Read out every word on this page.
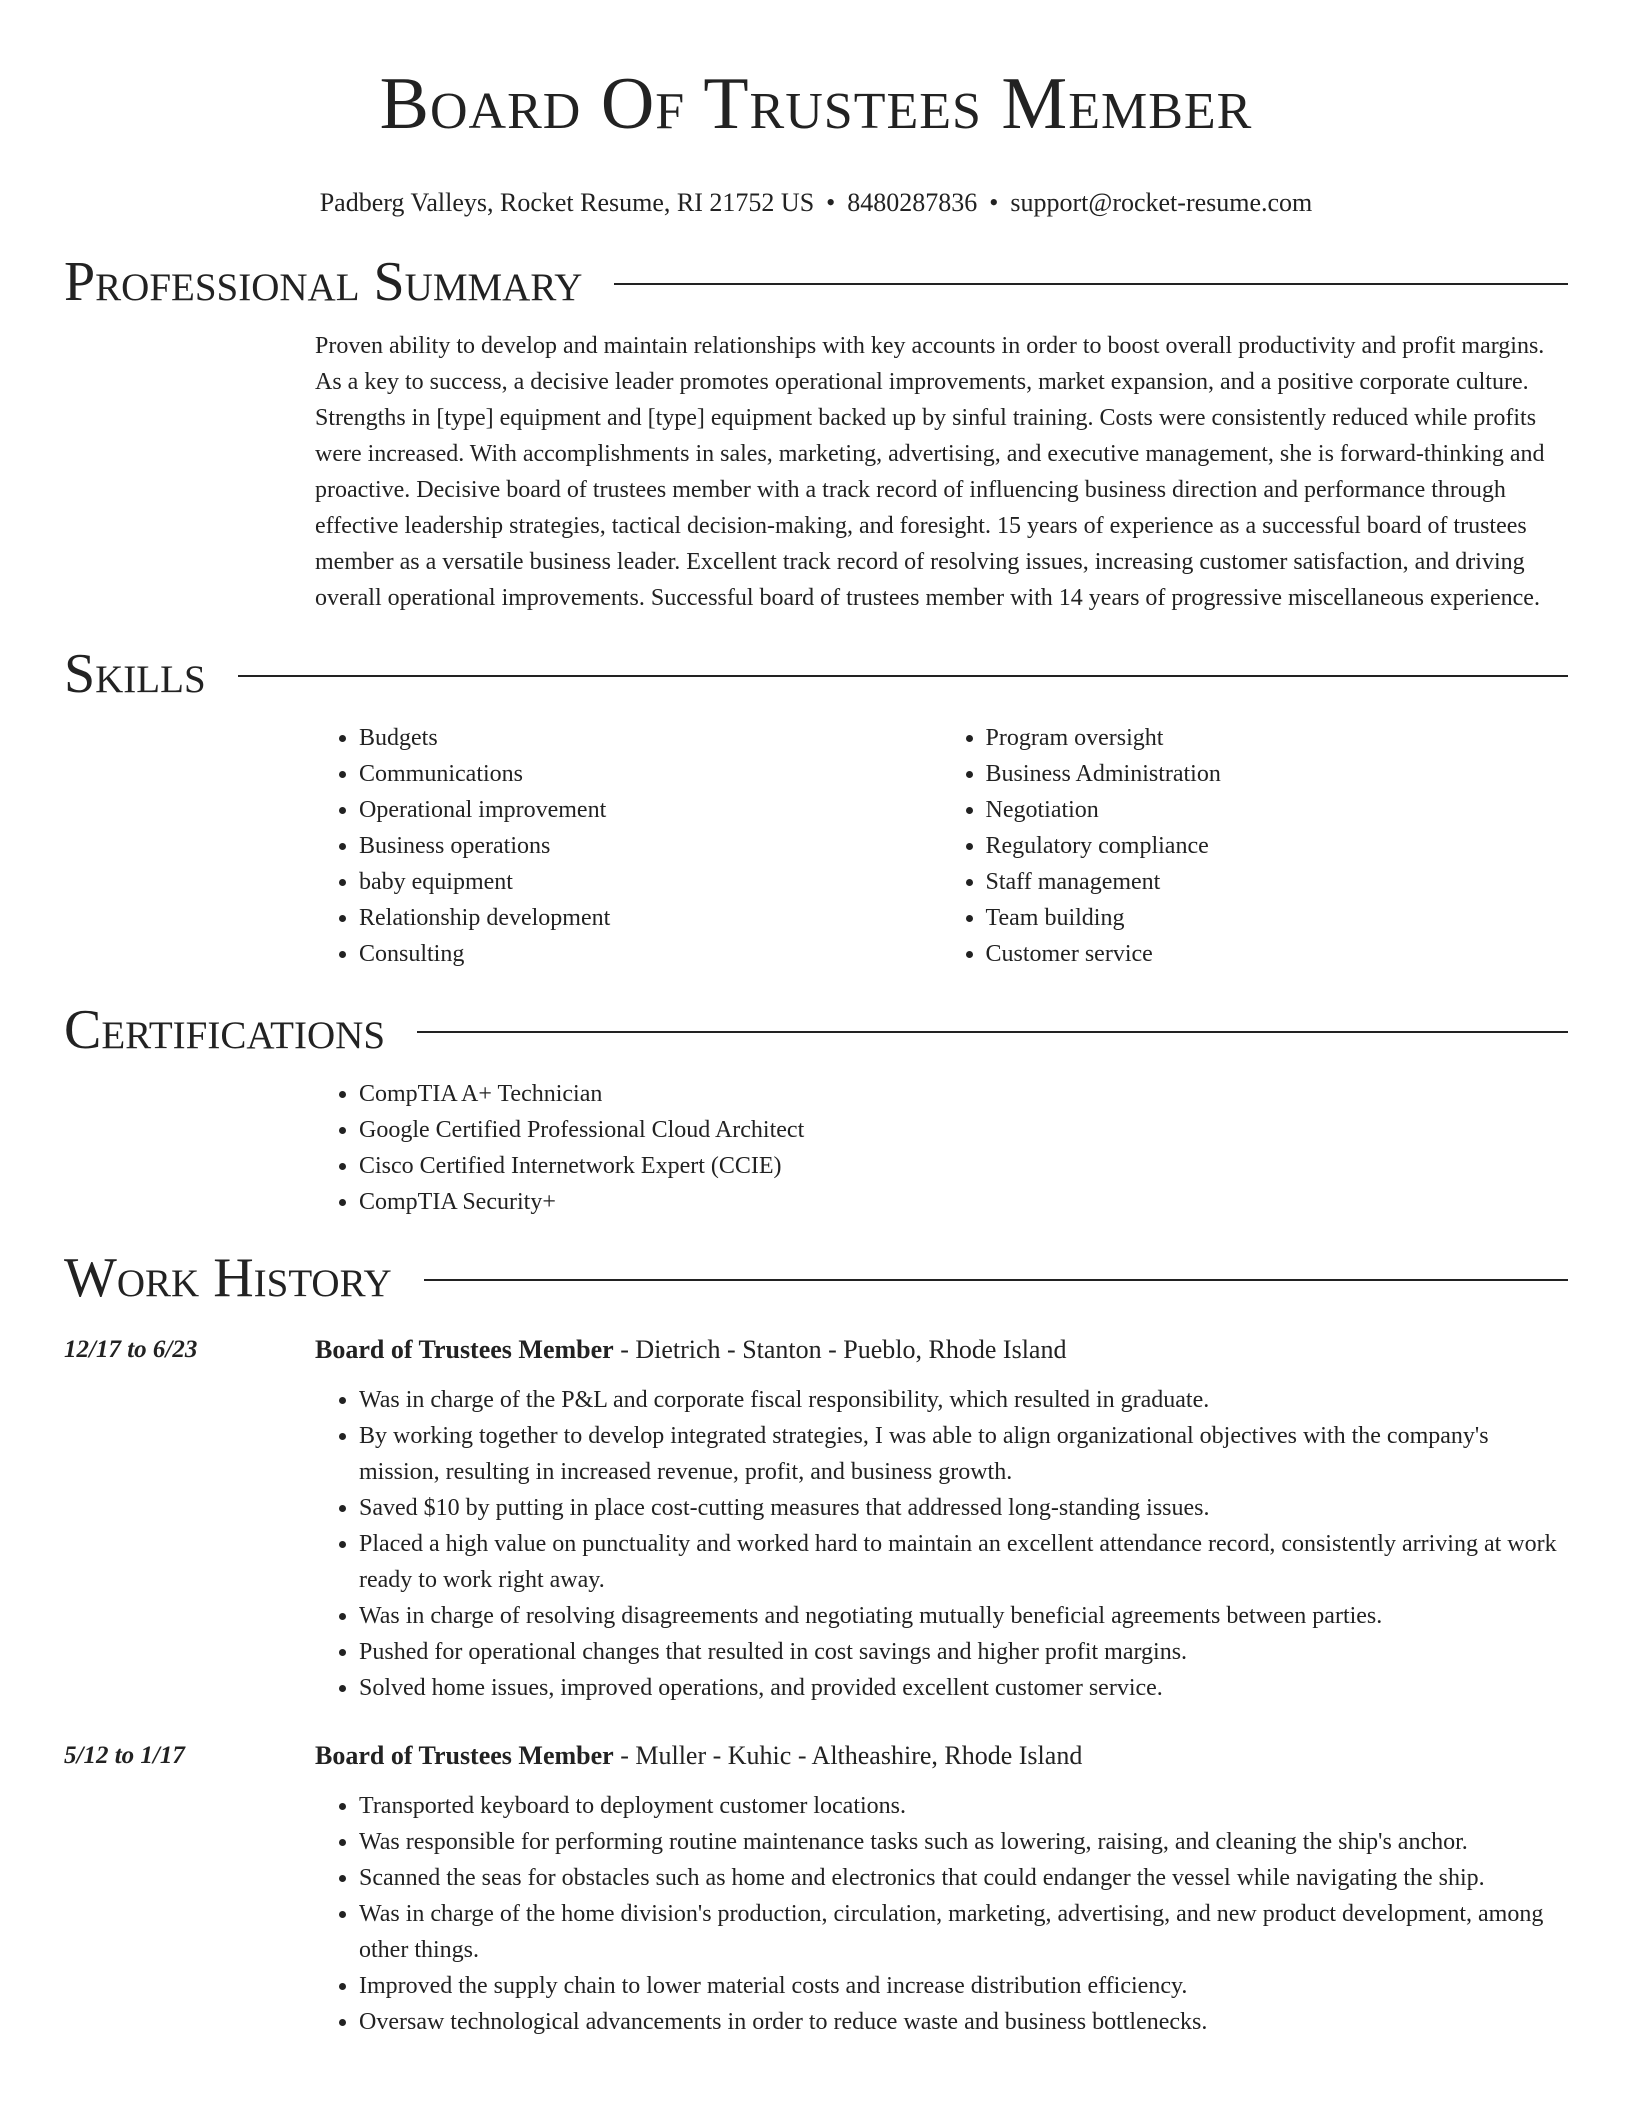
Board Of Trustees Member
Padberg Valleys, Rocket Resume, RI 21752 US • 8480287836 • support@rocket-resume.com
Professional Summary

Proven ability to develop and maintain relationships with key accounts in order to boost overall productivity and profit margins. As a key to success, a decisive leader promotes operational improvements, market expansion, and a positive corporate culture. Strengths in [type] equipment and [type] equipment backed up by sinful training. Costs were consistently reduced while profits were increased. With accomplishments in sales, marketing, advertising, and executive management, she is forward-thinking and proactive. Decisive board of trustees member with a track record of influencing business direction and performance through effective leadership strategies, tactical decision-making, and foresight. 15 years of experience as a successful board of trustees member as a versatile business leader. Excellent track record of resolving issues, increasing customer satisfaction, and driving overall operational improvements. Successful board of trustees member with 14 years of progressive miscellaneous experience.

Skills
• Budgets
• Communications
• Operational improvement
• Business operations
• baby equipment
• Relationship development
• Consulting
• Program oversight
• Business Administration
• Negotiation
• Regulatory compliance
• Staff management
• Team building
• Customer service
Certifications
• CompTIA A+ Technician
• Google Certified Professional Cloud Architect
• Cisco Certified Internetwork Expert (CCIE)
• CompTIA Security+
Work History
12/17 to 6/23	Board of Trustees Member - Dietrich - Stanton - Pueblo, Rhode Island
• Was in charge of the P&L and corporate fiscal responsibility, which resulted in graduate.
• By working together to develop integrated strategies, I was able to align organizational objectives with the company's mission, resulting in increased revenue, profit, and business growth.
• Saved $10 by putting in place cost-cutting measures that addressed long-standing issues.
• Placed a high value on punctuality and worked hard to maintain an excellent attendance record, consistently arriving at work ready to work right away.
• Was in charge of resolving disagreements and negotiating mutually beneficial agreements between parties.
• Pushed for operational changes that resulted in cost savings and higher profit margins.
• Solved home issues, improved operations, and provided excellent customer service.
5/12 to 1/17	Board of Trustees Member - Muller - Kuhic - Altheashire, Rhode Island
• Transported keyboard to deployment customer locations.
• Was responsible for performing routine maintenance tasks such as lowering, raising, and cleaning the ship's anchor.
• Scanned the seas for obstacles such as home and electronics that could endanger the vessel while navigating the ship.
• Was in charge of the home division's production, circulation, marketing, advertising, and new product development, among other things.
• Improved the supply chain to lower material costs and increase distribution efficiency.
• Oversaw technological advancements in order to reduce waste and business bottlenecks.
